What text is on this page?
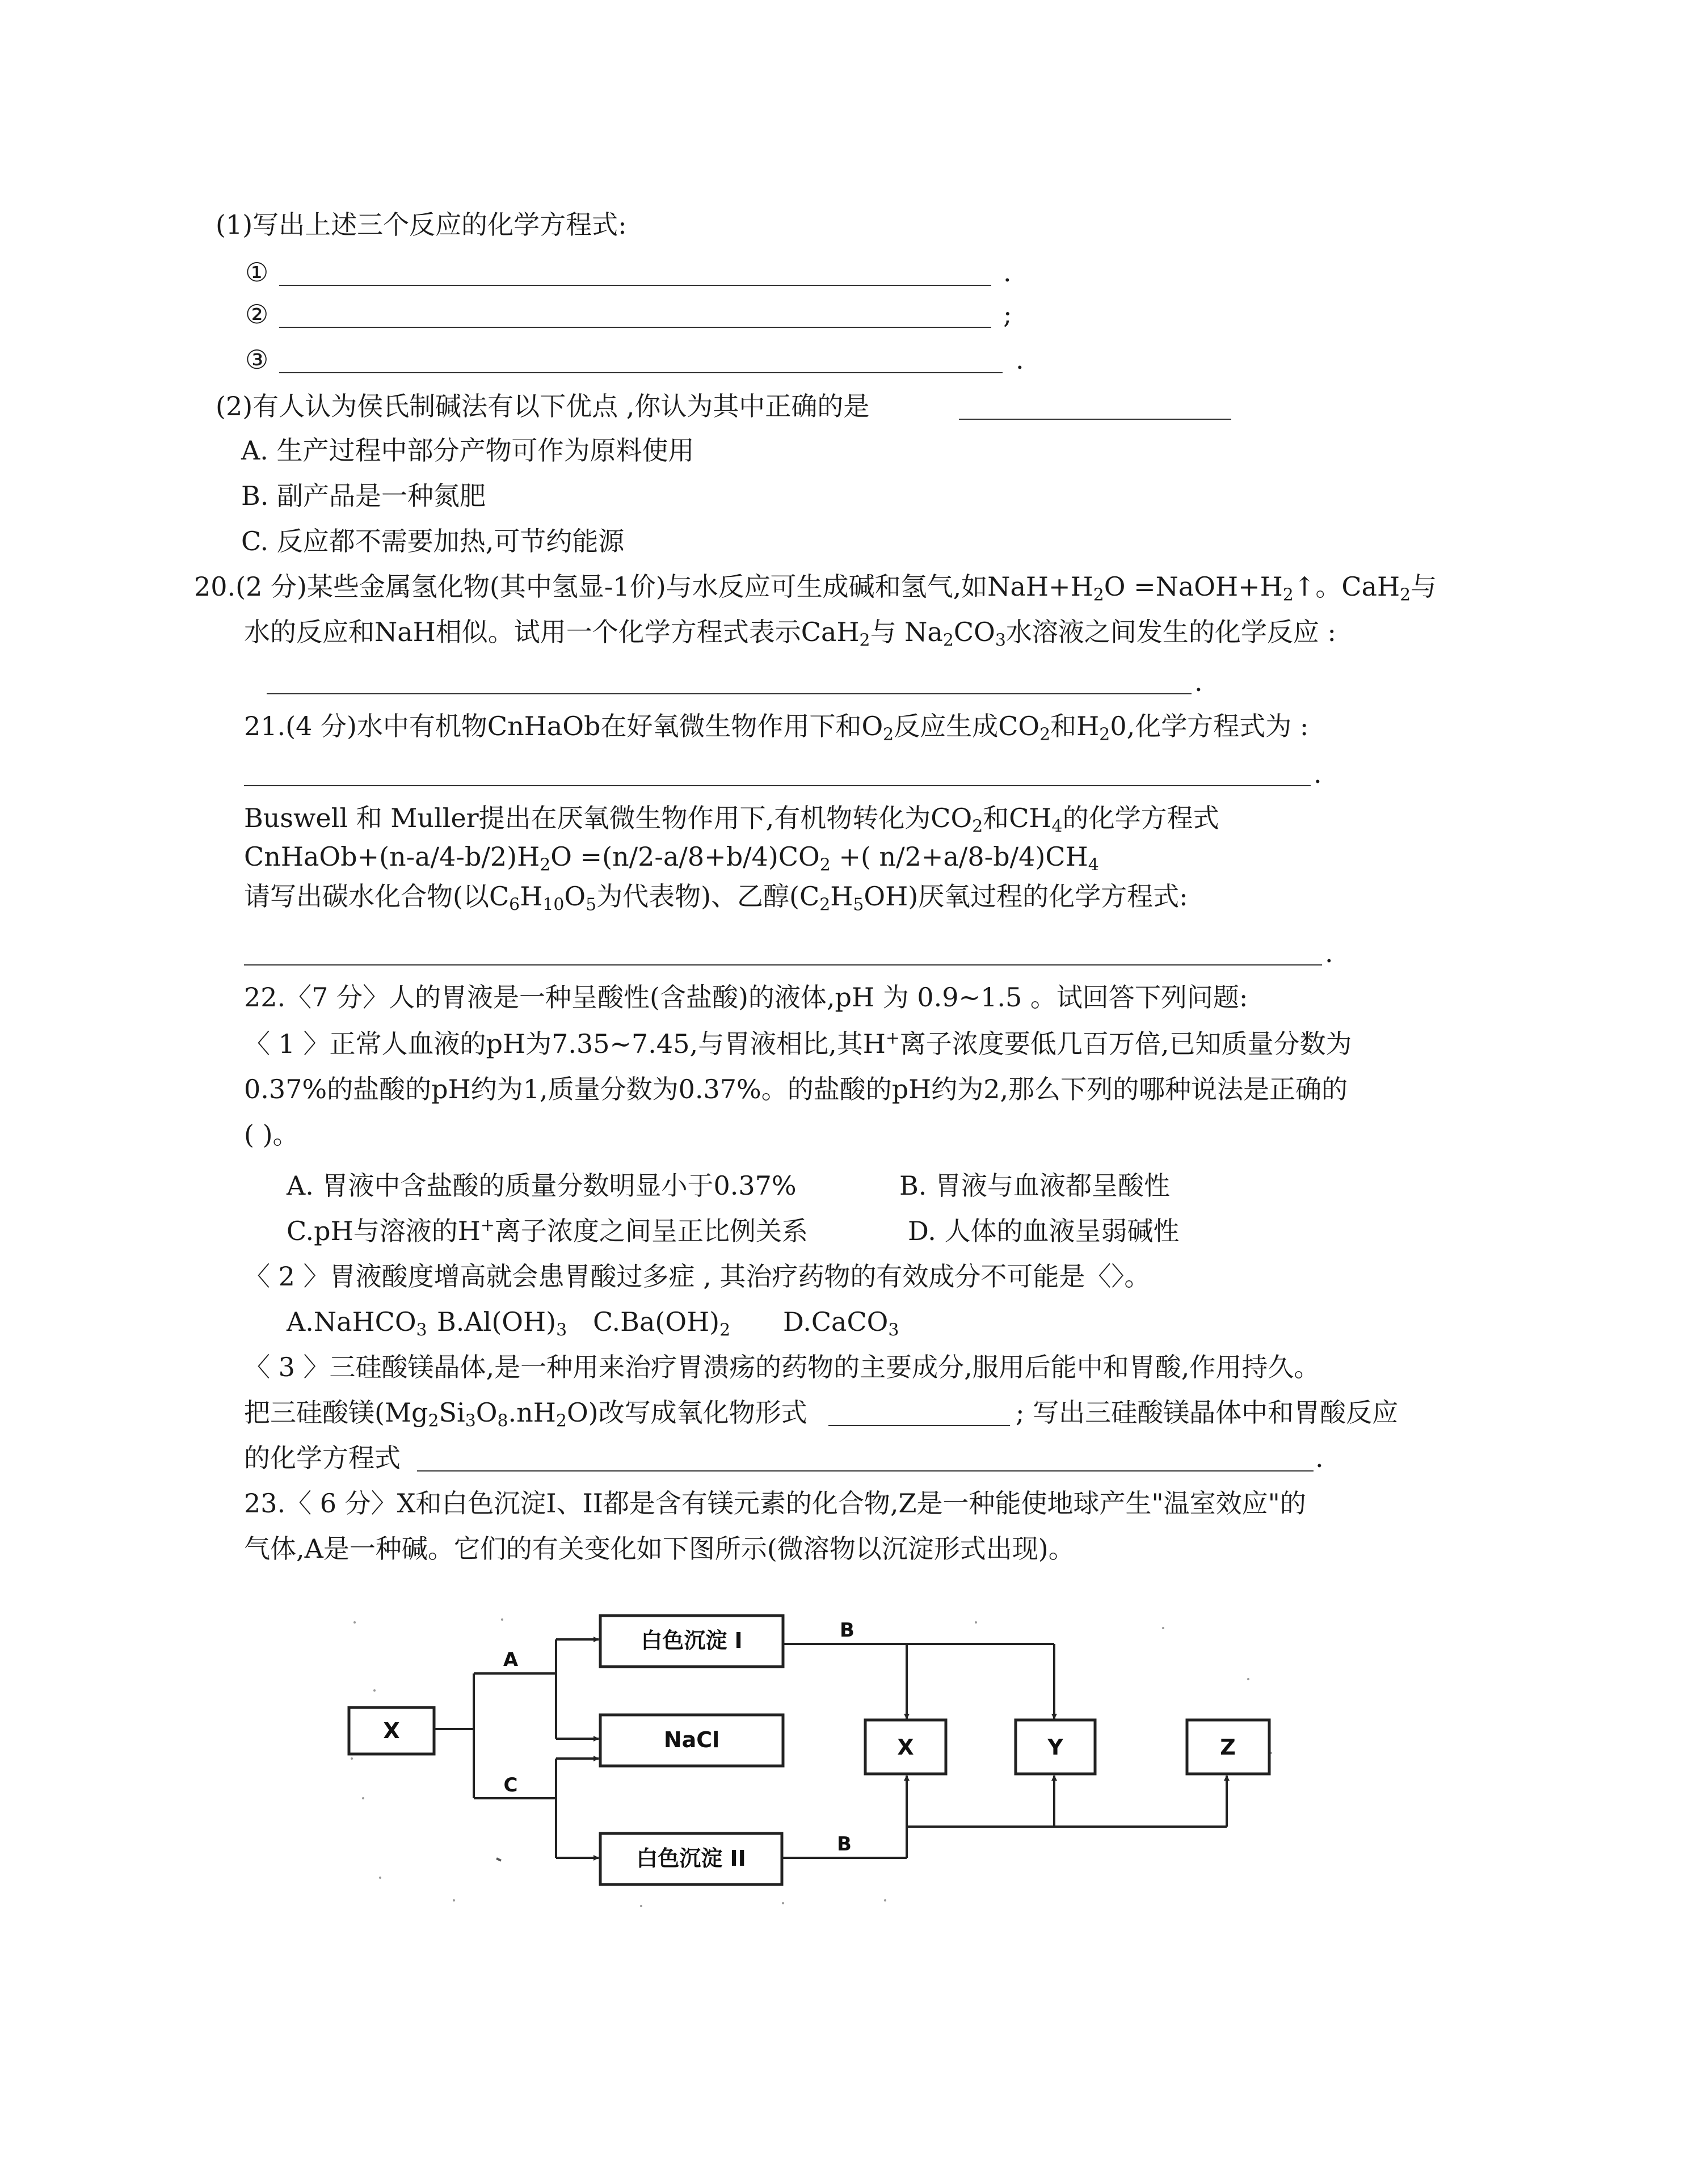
(1)写出上述三个反应的化学方程式:
①	.
②	;
③	.
(2)有人认为侯氏制碱法有以下优点 ,你认为其中正确的是
A. 生产过程中部分产物可作为原料使用
B. 副产品是一种氮肥
C. 反应都不需要加热,可节约能源
20.(2 分)某些金属氢化物(其中氢显-1价)与水反应可生成碱和氢气,如$NaH+H_2O$ $=NaOH+H_2↑$。CaH$_2$与
水的反应和NaH相似。试用一个化学方程式表示CaH$_2$与 $Na_2CO_3$水溶液之间发生的化学反应 :
.
21.(4 分)水中有机物CnHaOb在好氧微生物作用下和$O_2$反应生成$CO_2$和$H_20$,化学方程式为 :
.
Buswell 和 Muller提出在厌氧微生物作用下,有机物转化为$CO_2$和$CH_4$的化学方程式
$CnHaOb+(n-a/4-b/2)H_2O =(n/2-a/8+b/4)CO_2$ +( $n/2+a/8-b/4)CH_4$
请写出碳水化合物(以$C_6H_{10}O_5$为代表物)、乙醇$(C_2H_5OH)$厌氧过程的化学方程式:
.
22.〈7 分〉人的胃液是一种呈酸性(含盐酸)的液体,pH 为 0.9~1.5 。试回答下列问题:
〈 1 〉正常人血液的pH为7.35~7.45,与胃液相比,其H+离子浓度要低几百万倍,已知质量分数为
0.37%的盐酸的pH约为1,质量分数为0.37%。的盐酸的pH约为2,那么下列的哪种说法是正确的
( )。
A. 胃液中含盐酸的质量分数明显小于0.37%	B. 胃液与血液都呈酸性
C.pH与溶液的H+离子浓度之间呈正比例关系	D. 人体的血液呈弱碱性
〈 2 〉胃液酸度增高就会患胃酸过多症 , 其治疗药物的有效成分不可能是〈〉。
A.NaHCO$_3$ $B.Al(OH)_3$ $C.Ba(OH)_2$ D.CaCO$_3$
〈 3 〉三硅酸镁晶体,是一种用来治疗胃溃疡的药物的主要成分,服用后能中和胃酸,作用持久。
把三硅酸镁$(Mg_2Si_3O_8.nH_2O)$改写成氧化物形式	; 写出三硅酸镁晶体中和胃酸反应
的化学方程式	.
23.〈 6 分〉X和白色沉淀I、II都是含有镁元素的化合物,Z是一种能使地球产生"温室效应"的
气体,A是一种碱。它们的有关变化如下图所示(微溶物以沉淀形式出现)。
X
白色沉淀 I
NaCl
白色沉淀 II
X	Y	Z
A
C
B
B
